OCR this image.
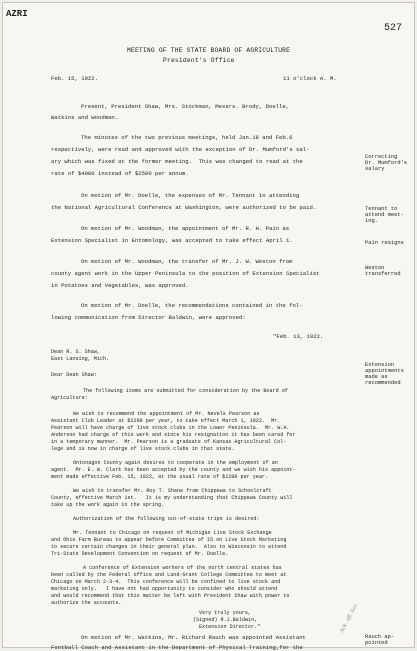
AZRI
527
MEETING OF THE STATE BOARD OF AGRICULTURE
President's Office
Feb. 15, 1922.	11 o'clock A. M.
Present, President Shaw, Mrs. Stockman, Messrs. Brody, Doelle,
Watkins and Woodman.
The minutes of the two previous meetings, held Jan.18 and Feb.6
respectively, were read and approved with the exception of Dr. Mumford's sal-
ary which was fixed at the former meeting.  This was changed to read at the
rate of $4000 instead of $2500 per annum.
On motion of Mr. Doelle, the expenses of Mr. Tennant in attending
the National Agricultural Conference at Washington, were authorized to be paid.
On motion of Mr. Woodman, the appointment of Mr. R. H. Pain as
Extension Specialist in Entomology, was accepted to take effect April 1.
On motion of Mr. Woodman, the transfer of Mr. J. W. Weston from
county agent work in the Upper Peninsula to the position of Extension Specialist
in Potatoes and Vegetables, was approved.
On motion of Mr. Doelle, the recommendations contained in the fol-
lowing communication from Director Baldwin, were approved:
"Feb. 13, 1922.
Dean R. S. Shaw,
East Lansing, Mich.
Dear Dean Shaw:
The following items are submitted for consideration by the Board of
Agriculture:
We wish to recommend the appointment of Mr. Nevels Pearson as
Assistant Club Leader at $2200 per year, to take effect March 1, 1922.  Mr.
Pearson will have charge of live stock clubs in the Lower Peninsula.  Mr. W.A.
Anderson had charge of this work and since his resignation it has been cared for
in a temporary manner.  Mr. Pearson is a graduate of Kansas Agricultural Col-
lege and is now in charge of live stock clubs in that state.
Ontonagon County again desires to cooperate in the employment of an
agent.  Mr. E. W. Clark has been accepted by the county and we wish his appoint-
ment made effective Feb. 15, 1922, at the usual rate of $1200 per year.
We wish to transfer Mr. Roy T. Shane from Chippewa to Schoolcraft
County, effective March 1st.   It is my understanding that Chippewa County will
take up the work again in the spring.
Authorization of the following out-of-state trips is desired:
Mr. Tennant to Chicago on request of Michigan Live Stock Exchange
and Ohio Farm Bureau to appear before Committee of 15 on Live Stock Marketing
to secure certain changes in their general plan.  Also to Wisconsin to attend
Tri-State Development Convention on request of Mr. Doelle.
A conference of Extension workers of the north central states has
been called by the Federal office and Land-Grant College Committee to meet at
Chicago on March 2-3-4.  This conference will be confined to live stock and
marketing only.   I have not had opportunity to consider who should attend
and would recommend that this matter be left with President Shaw with power to
authorize the accounts.
Very truly yours,
(Signed) R.J.Baldwin,
Extension Director."
On motion of Mr. Watkins, Mr. Richard Rauch was appointed Assistant
Football Coach and Assistant in the Department of Physical Training,for the
Correcting
Dr. Mumford's
salary
Tennant to
attend meet-
ing.
Pain resigns
Weston
transferred
Extension
appointments
made as
recommended
Rauch ap-
pointed
Ack. off. Sec.
